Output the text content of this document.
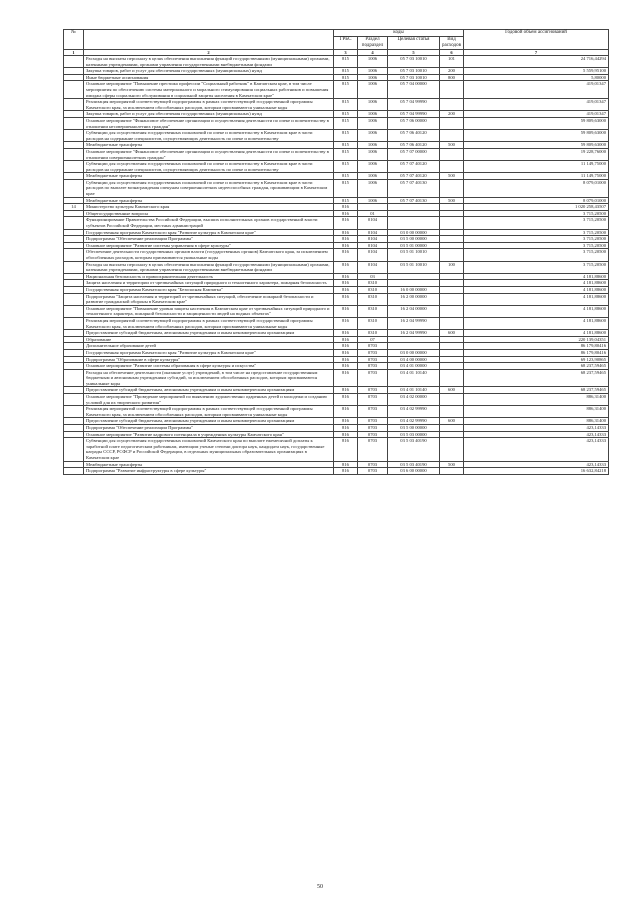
№		коды				Годовой объем ассигнований
		ГРБС	Раздел подраздел	Целевая статья	Вид расходов	
1	2	3	4	5	6	7
	Расходы на выплаты персоналу в целях обеспечения выполнения функций государственными (муниципальными) органами, казенными учреждениями, органами управления государственными внебюджетными фондами	815	1006	05 7 03 10010	101	24 716,44294
	Закупка товаров, работ и услуг для обеспечения государственных (муниципальных) нужд	815	1006	05 7 03 10010	200	5 559,95100
	Иные бюджетные ассигнования	815	1006	05 7 03 10010	800	5,80000
	Основное мероприятие "Повышение престижа профессии "Социальный работник" в Камчатском крае, в том числе мероприятия по обеспечению системы материального и морального стимулирования социальных работников и повышения имиджа сферы социального обслуживания в социальной защиты населения в Камчатском крае"	815	1006	05 7 04 00000		419,01347
	Реализация мероприятий соответствующей подпрограммы в рамках соответствующей государственной программы Камчатского края, за исключением обособленных расходов, которым присваиваются уникальные коды	815	1006	05 7 04 99990		419,01347
	Закупка товаров, работ и услуг для обеспечения государственных (муниципальных) нужд	815	1006	05 7 04 99990	200	419,01347
	Основное мероприятие "Финансовое обеспечение организации и осуществления деятельности по опеке и попечительству в отношении несовершеннолетних граждан"	815	1006	05 7 06 00000		59 809,63000
	Субвенции для осуществления государственных полномочий по опеке и попечительству в Камчатском крае в части расходов на содержание специалистов, осуществляющих деятельность по опеке и попечительству	815	1006	05 7 06 40120		59 809,63000
	Межбюджетные трансферты	815	1006	05 7 06 40120	500	59 809,63000
	Основное мероприятие "Финансовое обеспечение организации и осуществления деятельности по опеке и попечительству в отношении совершеннолетних граждан"	815	1006	05 7 07 00000		19 228,76000
	Субвенции для осуществления государственных полномочий по опеке и попечительству в Камчатском крае в части расходов на содержание специалистов, осуществляющих деятельность по опеке и попечительству	815	1006	05 7 07 40120		11 149,75000
	Межбюджетные трансферты	815	1006	05 7 07 40120	500	11 149,75000
	Субвенции для осуществления государственных полномочий по опеке и попечительству в Камчатском крае в части расходов по выплате вознаграждения опекунам совершеннолетних недееспособных граждан, проживающим в Камчатском крае	815	1006	05 7 07 40130		8 079,01000
	Межбюджетные трансферты	815	1006	05 7 07 40130	500	8 079,01000
14	Министерство культуры Камчатского края	816				1 020 258,43507
	Общегосударственные вопросы	816	01			3 715,20500
	Функционирование Правительства Российской Федерации, высших исполнительных органов государственной власти субъектов Российской Федерации, местных администраций	816	0104			3 715,20500
	Государственная программа Камчатского края "Развитие культуры в Камчатском крае"	816	0104	03 0 00 00000		3 715,20500
	Подпрограмма "Обеспечение реализации Программы"	816	0104	03 5 00 00000		3 715,20500
	Основное мероприятие "Развитие системы управления в сфере культуры"	816	0104	03 5 01 00000		3 715,20500
	Обеспечение деятельности государственных органов власти (государственных органов) Камчатского края, за исключением обособленных расходов, которым присваиваются уникальные коды	816	0104	03 5 01 10010		3 715,20500
	Расходы на выплаты персоналу в целях обеспечения выполнения функций государственными (муниципальными) органами, казенными учреждениями, органами управления государственными внебюджетными фондами	816	0104	03 5 01 10010	100	3 715,20500
	Национальная безопасность и правоохранительная деятельность	816	03			4 181,88600
	Защита населения и территории от чрезвычайных ситуаций природного и техногенного характера, пожарная безопасность	816	0310			4 181,88600
	Государственная программа Камчатского края "Безопасная Камчатка"	816	0310	16 0 00 00000		4 181,88600
	Подпрограмма "Защита населения и территорий от чрезвычайных ситуаций, обеспечение пожарной безопасности и развитие гражданской обороны в Камчатском крае"	816	0310	16 2 00 00000		4 181,88600
	Основное мероприятие "Повышение уровня защиты населения в Камчатском крае от чрезвычайных ситуаций природного и техногенного характера, пожарной безопасности и защищенности людей на водных объектах"	816	0310	16 2 04 00000		4 181,88600
	Реализация мероприятий соответствующей подпрограммы в рамках соответствующей государственной программы Камчатского края, за исключением обособленных расходов, которым присваиваются уникальные коды	816	0310	16 2 04 99990		4 181,88600
	Предоставление субсидий бюджетным, автономным учреждениям и иным некоммерческим организациям	816	0310	16 2 04 99990	600	4 181,88600
	Образование	816	07			220 139,04351
	Дополнительное образование детей	816	0703			86 179,80416
	Государственная программа Камчатского края "Развитие культуры в Камчатском крае"	816	0703	03 0 00 00000		86 179,80416
	Подпрограмма "Образование в сфере культуры"	816	0703	03 4 00 00000		69 123,90865
	Основное мероприятие "Развитие системы образования в сфере культуры и искусства"	816	0703	03 4 01 00000		68 237,59465
	Расходы на обеспечение деятельности (оказание услуг) учреждений, в том числе на предоставление государственным бюджетным и автономным учреждениям субсидий, за исключением обособленных расходов, которым присваиваются уникальные коды	816	0703	03 4 01 10140		68 237,59465
	Предоставление субсидий бюджетным, автономным учреждениям и иным некоммерческим организациям	816	0703	03 4 01 10140	600	68 237,59465
	Основное мероприятие "Проведение мероприятий по выявлению художественно одаренных детей и молодежи и созданию условий для их творческого развития"	816	0703	03 4 02 00000		886,31400
	Реализация мероприятий соответствующей подпрограммы в рамках соответствующей государственной программы Камчатского края, за исключением обособленных расходов, которым присваиваются уникальные коды	816	0703	03 4 02 99990		886,31400
	Предоставление субсидий бюджетным, автономным учреждениям и иным некоммерческим организациям	816	0703	03 4 02 99990	600	886,31400
	Подпрограмма "Обеспечение реализации Программы"	816	0703	03 5 00 00000		423,14333
	Основное мероприятие "Развитие кадрового потенциала в учреждениях культуры Камчатского края"	816	0703	03 5 03 00000		423,14333
	Субвенции для осуществления государственных полномочий Камчатского края по выплате ежемесячной доплаты к заработной плате педагогическим работникам, имеющим ученые степени доктора наук, кандидата наук, государственные награды СССР, РСФСР и Российской Федерации, в отдельных муниципальных образовательных организациях в Камчатском крае	816	0703	03 5 03 40190		423,14333
	Межбюджетные трансферты	816	0703	03 5 03 40190	500	423,14333
	Подпрограмма "Развитие инфраструктуры в сфере культуры"	816	0703	03 6 00 00000		16 632,84218
50
